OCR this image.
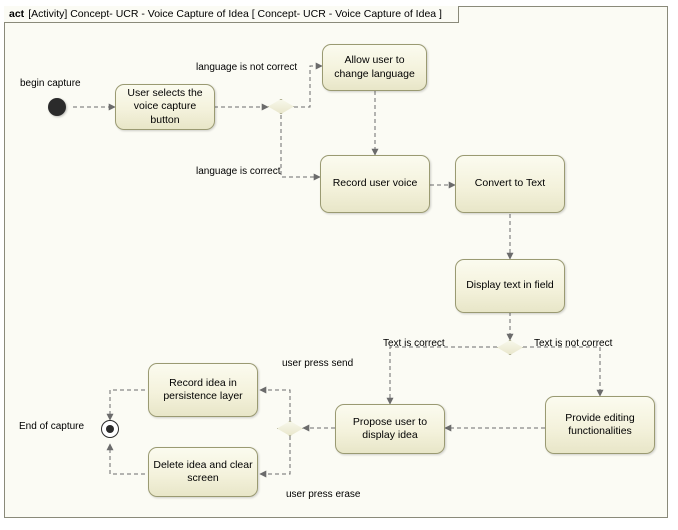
act [Activity] Concept- UCR - Voice Capture of Idea [ Concept- UCR - Voice Capture of Idea ]
begin capture
User selects the voice capture button
language is not correct
language is correct
Allow user to change language
Record user voice	Convert to Text
Display text in field
Text is correct	Text is not correct
Provide editing functionalities
Propose user to display idea
user press send
user press erase
Record idea in persistence layer
Delete idea and clear screen
End of capture
